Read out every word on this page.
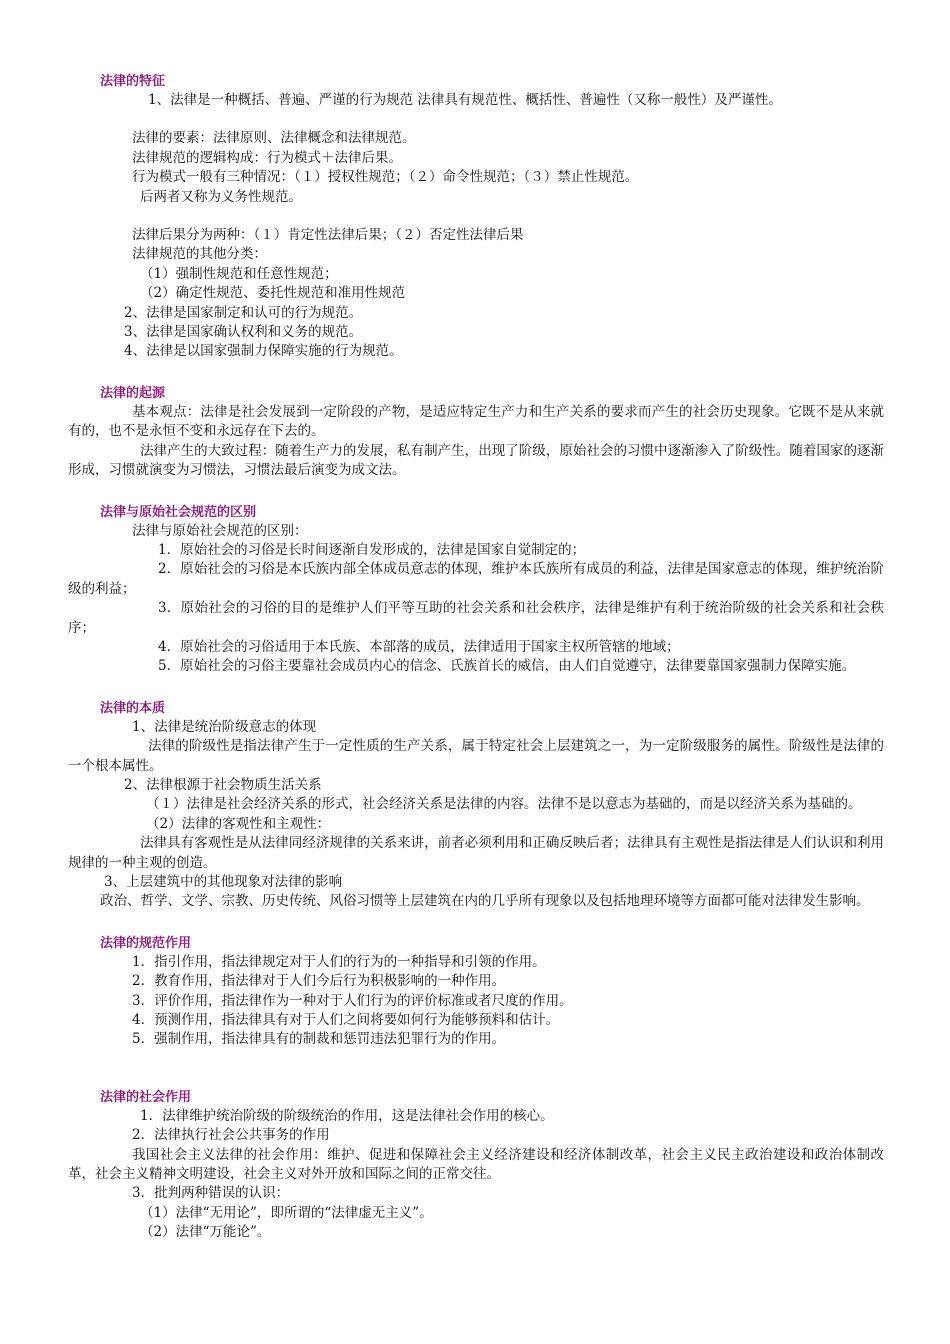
法律的特征
1、法律是一种概括、普遍、严谨的行为规范 法律具有规范性、概括性、普遍性（又称一般性）及严谨性。
法律的要素：法律原则、法律概念和法律规范。
法律规范的逻辑构成：行为模式＋法律后果。
行为模式一般有三种情况：（１）授权性规范；（２）命令性规范；（３）禁止性规范。
后两者又称为义务性规范。
法律后果分为两种：（１）肯定性法律后果；（２）否定性法律后果
法律规范的其他分类：
（1）强制性规范和任意性规范；
（2）确定性规范、委托性规范和准用性规范
2、法律是国家制定和认可的行为规范。
3、法律是国家确认权利和义务的规范。
4、法律是以国家强制力保障实施的行为规范。
法律的起源
基本观点：法律是社会发展到一定阶段的产物，是适应特定生产力和生产关系的要求而产生的社会历史现象。它既不是从来就有的，也不是永恒不变和永远存在下去的。
法律产生的大致过程：随着生产力的发展，私有制产生，出现了阶级，原始社会的习惯中逐渐渗入了阶级性。随着国家的逐渐形成，习惯就演变为习惯法，习惯法最后演变为成文法。
法律与原始社会规范的区别
法律与原始社会规范的区别：
1．原始社会的习俗是长时间逐渐自发形成的，法律是国家自觉制定的；
2．原始社会的习俗是本氏族内部全体成员意志的体现，维护本氏族所有成员的利益，法律是国家意志的体现，维护统治阶级的利益；
3．原始社会的习俗的目的是维护人们平等互助的社会关系和社会秩序，法律是维护有利于统治阶级的社会关系和社会秩序；
4．原始社会的习俗适用于本氏族、本部落的成员，法律适用于国家主权所管辖的地域；
5．原始社会的习俗主要靠社会成员内心的信念、氏族首长的威信，由人们自觉遵守，法律要靠国家强制力保障实施。
法律的本质
1、法律是统治阶级意志的体现
法律的阶级性是指法律产生于一定性质的生产关系，属于特定社会上层建筑之一，为一定阶级服务的属性。阶级性是法律的一个根本属性。
2、法律根源于社会物质生活关系
（１）法律是社会经济关系的形式，社会经济关系是法律的内容。法律不是以意志为基础的，而是以经济关系为基础的。
（2）法律的客观性和主观性：
法律具有客观性是从法律同经济规律的关系来讲，前者必须利用和正确反映后者；法律具有主观性是指法律是人们认识和利用规律的一种主观的创造。
3、上层建筑中的其他现象对法律的影响
政治、哲学、文学、宗教、历史传统、风俗习惯等上层建筑在内的几乎所有现象以及包括地理环境等方面都可能对法律发生影响。
法律的规范作用
1．指引作用，指法律规定对于人们的行为的一种指导和引领的作用。
2．教育作用，指法律对于人们今后行为积极影响的一种作用。
3．评价作用，指法律作为一种对于人们行为的评价标准或者尺度的作用。
4．预测作用，指法律具有对于人们之间将要如何行为能够预料和估计。
5．强制作用，指法律具有的制裁和惩罚违法犯罪行为的作用。
法律的社会作用
1．法律维护统治阶级的阶级统治的作用，这是法律社会作用的核心。
2．法律执行社会公共事务的作用
我国社会主义法律的社会作用：维护、促进和保障社会主义经济建设和经济体制改革，社会主义民主政治建设和政治体制改革，社会主义精神文明建设，社会主义对外开放和国际之间的正常交往。
3．批判两种错误的认识：
（1）法律“无用论”，即所谓的“法律虚无主义”。
（2）法律“万能论”。
